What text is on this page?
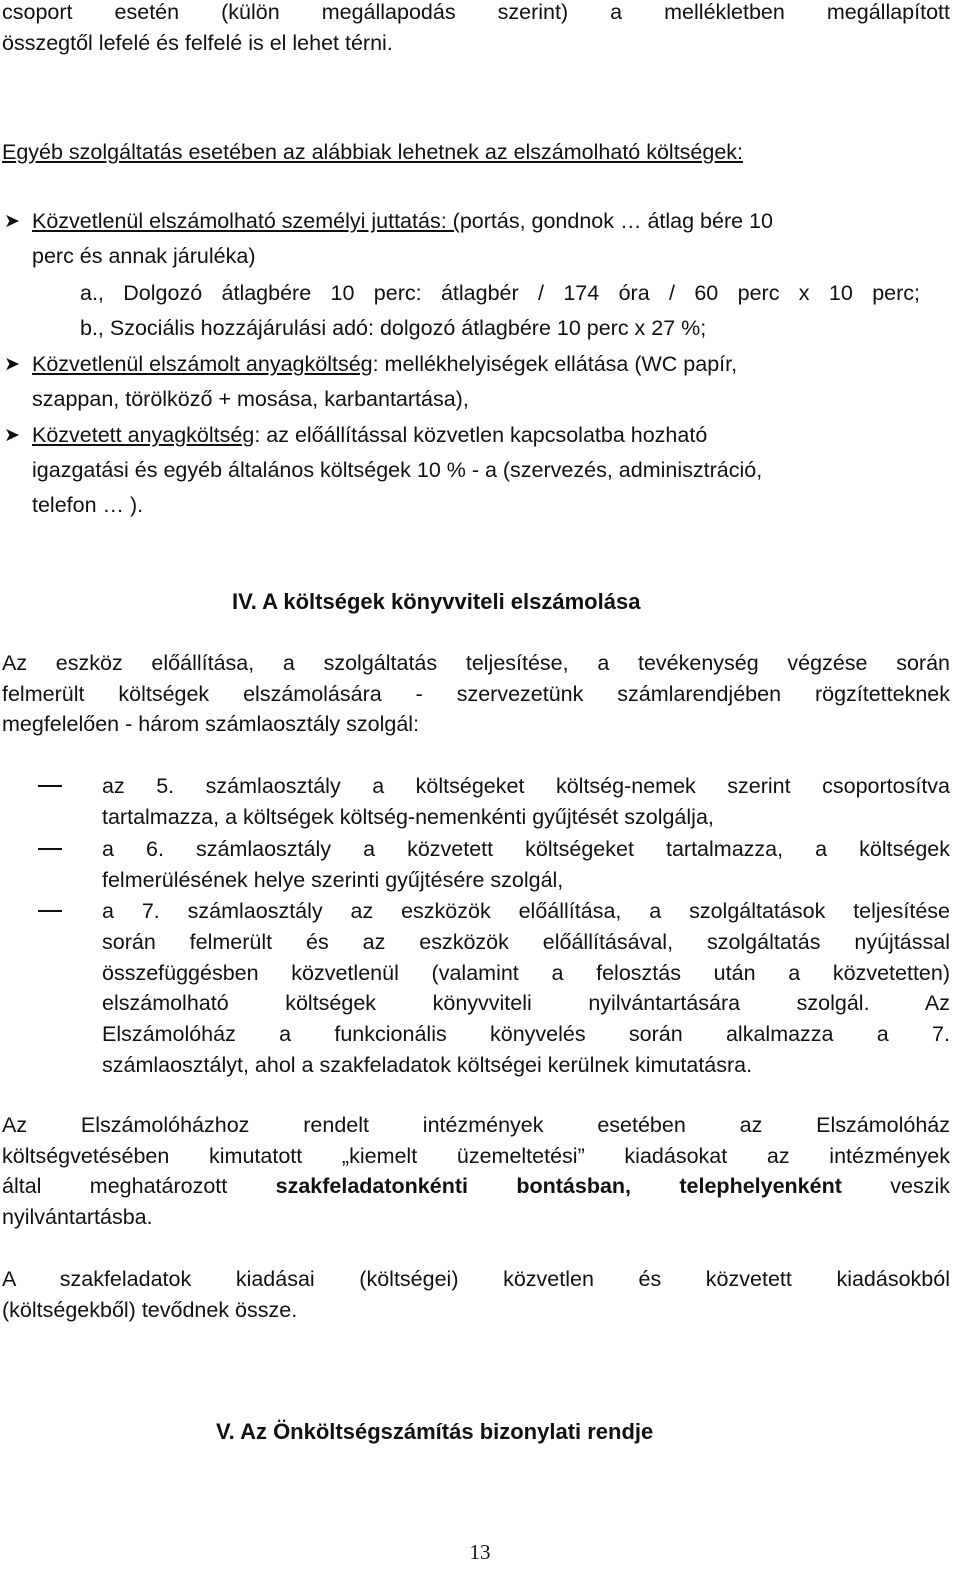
csoport esetén (külön megállapodás szerint) a mellékletben megállapított
összegtől lefelé és felfelé is el lehet térni.
Egyéb szolgáltatás esetében az alábbiak lehetnek az elszámolható költségek:
➤ Közvetlenül elszámolható személyi juttatás: (portás, gondnok … átlag bére 10
perc és annak járuléka)
a., Dolgozó átlagbére 10 perc: átlagbér / 174 óra / 60 perc x 10 perc;
b., Szociális hozzájárulási adó: dolgozó átlagbére 10 perc x 27 %;
➤ Közvetlenül elszámolt anyagköltség: mellékhelyiségek ellátása (WC papír,
szappan, törölköző + mosása, karbantartása),
➤ Közvetett anyagköltség: az előállítással közvetlen kapcsolatba hozható
igazgatási és egyéb általános költségek 10 % - a (szervezés, adminisztráció,
telefon … ).
IV. A költségek könyvviteli elszámolása
Az eszköz előállítása, a szolgáltatás teljesítése, a tevékenység végzése során
felmerült költségek elszámolására - szervezetünk számlarendjében rögzítetteknek
megfelelően - három számlaosztály szolgál:
az 5. számlaosztály a költségeket költség-nemek szerint csoportosítva
tartalmazza, a költségek költség-nemenkénti gyűjtését szolgálja,
a 6. számlaosztály a közvetett költségeket tartalmazza, a költségek
felmerülésének helye szerinti gyűjtésére szolgál,
a 7. számlaosztály az eszközök előállítása, a szolgáltatások teljesítése
során felmerült és az eszközök előállításával, szolgáltatás nyújtással
összefüggésben közvetlenül (valamint a felosztás után a közvetetten)
elszámolható költségek könyvviteli nyilvántartására szolgál. Az
Elszámolóház a funkcionális könyvelés során alkalmazza a 7.
számlaosztályt, ahol a szakfeladatok költségei kerülnek kimutatásra.
Az Elszámolóházhoz rendelt intézmények esetében az Elszámolóház
költségvetésében kimutatott „kiemelt üzemeltetési” kiadásokat az intézmények
által meghatározott szakfeladatonkénti bontásban, telephelyenként veszik
nyilvántartásba.
A szakfeladatok kiadásai (költségei) közvetlen és közvetett kiadásokból
(költségekből) tevődnek össze.
V. Az Önköltségszámítás bizonylati rendje
13
